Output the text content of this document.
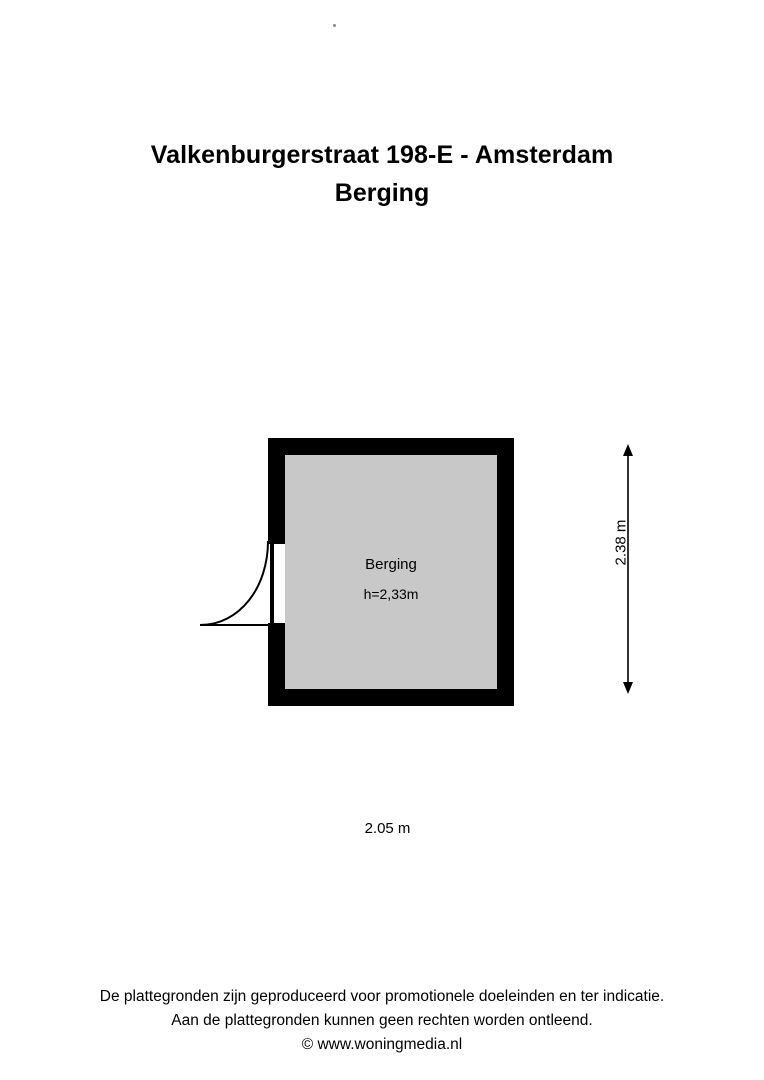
Valkenburgerstraat 198-E - Amsterdam
Berging
Berging
h=2,33m
2.38 m
2.05 m
De plattegronden zijn geproduceerd voor promotionele doeleinden en ter indicatie.
Aan de plattegronden kunnen geen rechten worden ontleend.
© www.woningmedia.nl
